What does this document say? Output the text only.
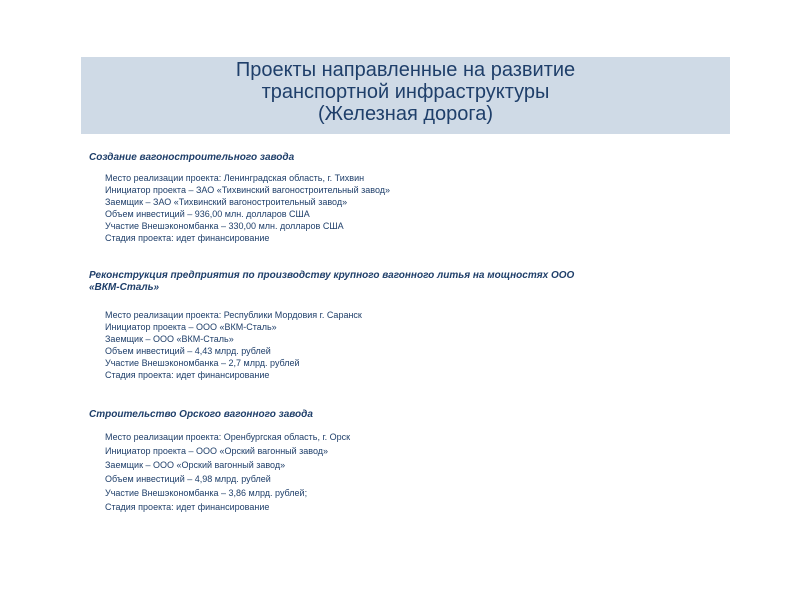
Проекты направленные на развитие
транспортной инфраструктуры
(Железная дорога)
Создание вагоностроительного завода
Место реализации проекта: Ленинградская область, г. Тихвин
Инициатор проекта – ЗАО «Тихвинский вагоностроительный завод»
Заемщик – ЗАО «Тихвинский вагоностроительный завод»
Объем инвестиций – 936,00 млн. долларов США
Участие Внешэкономбанка – 330,00 млн. долларов США
Стадия проекта: идет финансирование
Реконструкция предприятия по производству крупного вагонного литья на мощностях ООО
«ВКМ-Сталь»
Место реализации проекта: Республики Мордовия г. Саранск
Инициатор проекта – ООО «ВКМ-Сталь»
Заемщик – ООО «ВКМ-Сталь»
Объем инвестиций – 4,43 млрд. рублей
Участие Внешэкономбанка – 2,7 млрд. рублей
Стадия проекта: идет финансирование
Строительство Орского вагонного завода
Место реализации проекта: Оренбургская область, г. Орск
Инициатор проекта – ООО «Орский вагонный завод»
Заемщик – ООО «Орский вагонный завод»
Объем инвестиций – 4,98 млрд. рублей
Участие Внешэкономбанка – 3,86 млрд. рублей;
Стадия проекта: идет финансирование
